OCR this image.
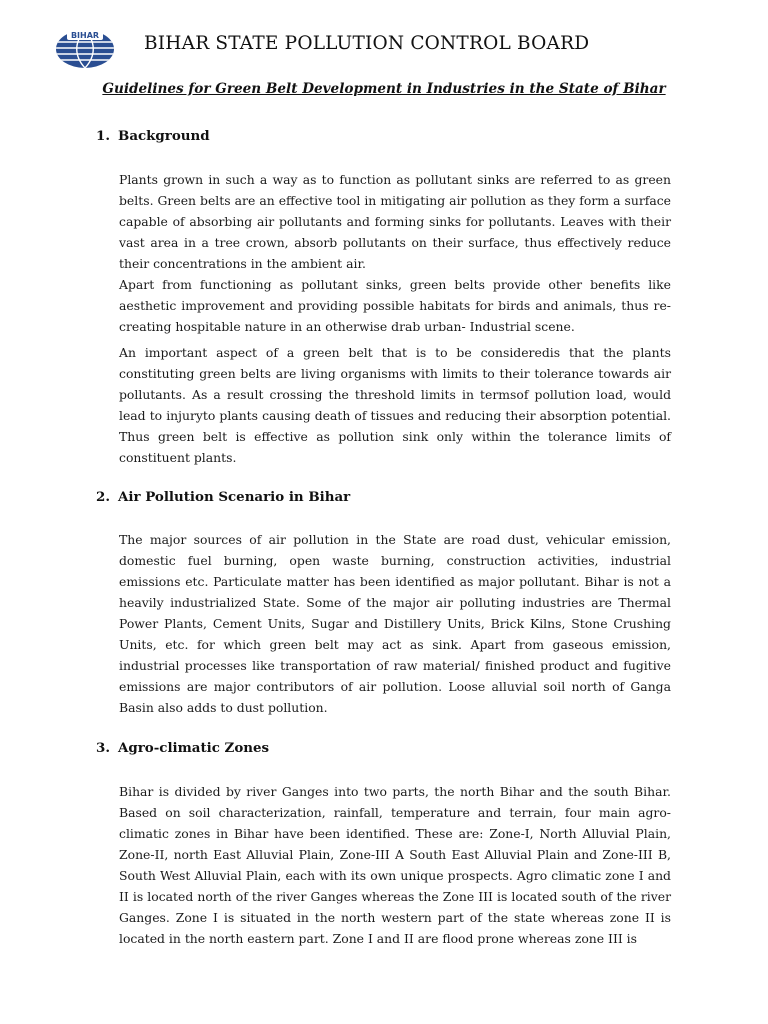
BIHAR BIHAR STATE POLLUTION CONTROL BOARD
Guidelines for Green Belt Development in Industries in the State of Bihar
1. Background

Plants grown in such a way as to function as pollutant sinks are referred to as green belts. Green belts are an effective tool in mitigating air pollution as they form a surface capable of absorbing air pollutants and forming sinks for pollutants. Leaves with their vast area in a tree crown, absorb pollutants on their surface, thus effectively reduce their concentrations in the ambient air.

Apart from functioning as pollutant sinks, green belts provide other benefits like aesthetic improvement and providing possible habitats for birds and animals, thus re- creating hospitable nature in an otherwise drab urban- Industrial scene.

An important aspect of a green belt that is to be consideredis that the plants constituting green belts are living organisms with limits to their tolerance towards air pollutants. As a result crossing the threshold limits in termsof pollution load, would lead to injuryto plants causing death of tissues and reducing their absorption potential. Thus green belt is effective as pollution sink only within the tolerance limits of constituent plants.

2. Air Pollution Scenario in Bihar

The major sources of air pollution in the State are road dust, vehicular emission, domestic fuel burning, open waste burning, construction activities, industrial emissions etc. Particulate matter has been identified as major pollutant. Bihar is not a heavily industrialized State. Some of the major air polluting industries are Thermal Power Plants, Cement Units, Sugar and Distillery Units, Brick Kilns, Stone Crushing Units, etc. for which green belt may act as sink. Apart from gaseous emission, industrial processes like transportation of raw material/ finished product and fugitive emissions are major contributors of air pollution. Loose alluvial soil north of Ganga Basin also adds to dust pollution.

3. Agro-climatic Zones

Bihar is divided by river Ganges into two parts, the north Bihar and the south Bihar. Based on soil characterization, rainfall, temperature and terrain, four main agro-climatic zones in Bihar have been identified. These are: Zone-I, North Alluvial Plain, Zone-II, north East Alluvial Plain, Zone-III A South East Alluvial Plain and Zone-III B, South West Alluvial Plain, each with its own unique prospects. Agro climatic zone I and II is located north of the river Ganges whereas the Zone III is located south of the river Ganges. Zone I is situated in the north western part of the state whereas zone II is located in the north eastern part. Zone I and II are flood prone whereas zone III is
